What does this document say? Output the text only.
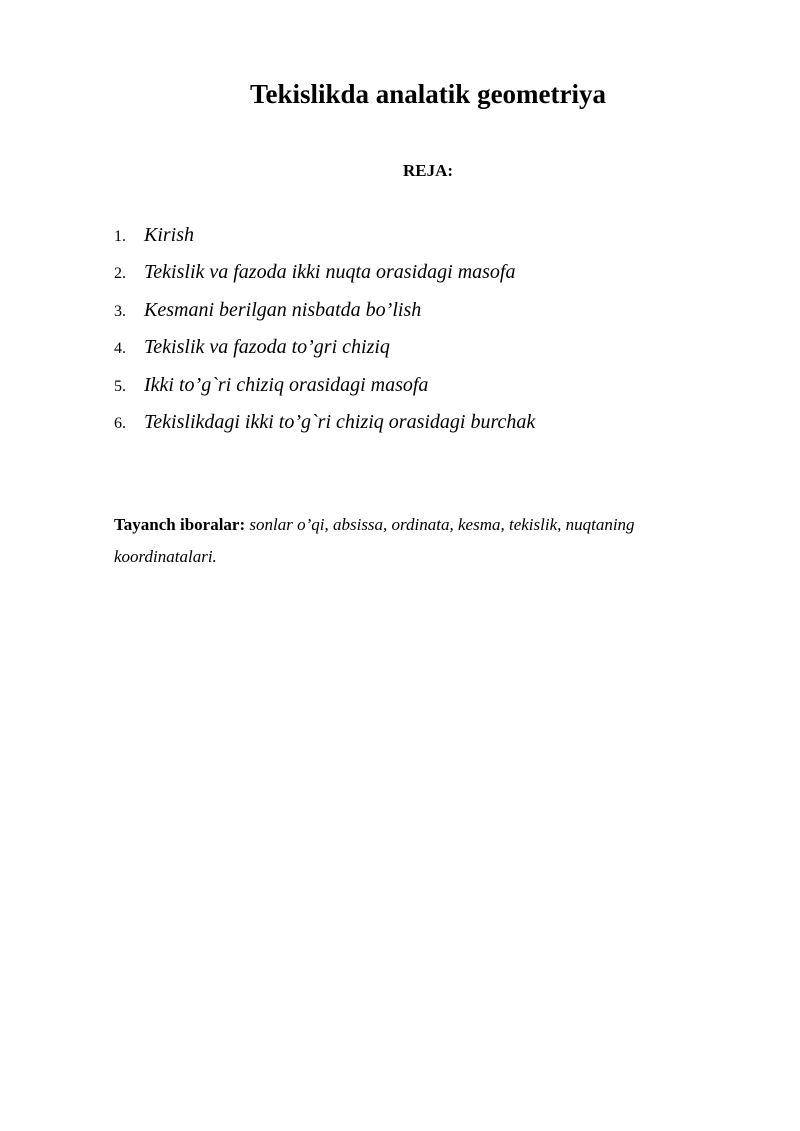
Tekislikda analatik geometriya
REJA:
1. Kirish
2. Tekislik va fazoda ikki nuqta orasidagi masofa
3. Kesmani berilgan nisbatda bo’lish
4. Tekislik va fazoda to’gri chiziq
5. Ikki to’g`ri chiziq orasidagi masofa
6. Tekislikdagi ikki to’g`ri chiziq orasidagi burchak

Tayanch iboralar: sonlar o’qi, absissa, ordinata, kesma, tekislik, nuqtaning koordinatalari.
